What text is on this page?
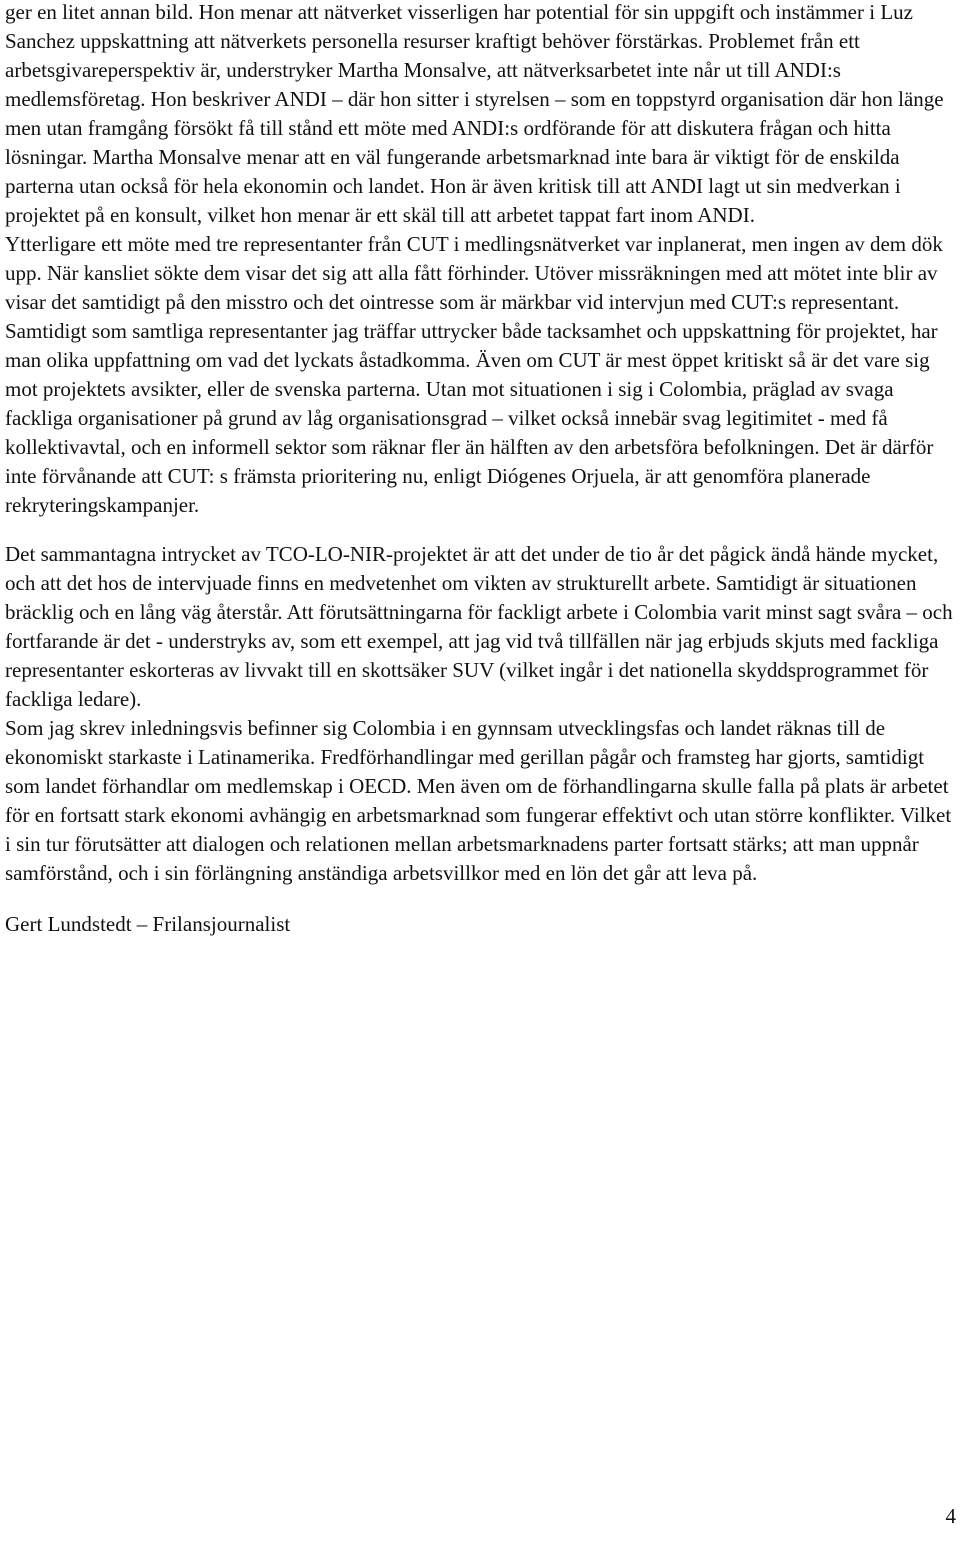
ger en litet annan bild. Hon menar att nätverket visserligen har potential för sin uppgift och instämmer i Luz Sanchez uppskattning att nätverkets personella resurser kraftigt behöver förstärkas. Problemet från ett arbetsgivareperspektiv är, understryker Martha Monsalve, att nätverksarbetet inte når ut till ANDI:s medlemsföretag. Hon beskriver ANDI – där hon sitter i styrelsen – som en toppstyrd organisation där hon länge men utan framgång försökt få till stånd ett möte med ANDI:s ordförande för att diskutera frågan och hitta lösningar. Martha Monsalve menar att en väl fungerande arbetsmarknad inte bara är viktigt för de enskilda parterna utan också för hela ekonomin och landet. Hon är även kritisk till att ANDI lagt ut sin medverkan i projektet på en konsult, vilket hon menar är ett skäl till att arbetet tappat fart inom ANDI.

Ytterligare ett möte med tre representanter från CUT i medlingsnätverket var inplanerat, men ingen av dem dök upp. När kansliet sökte dem visar det sig att alla fått förhinder. Utöver missräkningen med att mötet inte blir av visar det samtidigt på den misstro och det ointresse som är märkbar vid intervjun med CUT:s representant. Samtidigt som samtliga representanter jag träffar uttrycker både tacksamhet och uppskattning för projektet, har man olika uppfattning om vad det lyckats åstadkomma. Även om CUT är mest öppet kritiskt så är det vare sig mot projektets avsikter, eller de svenska parterna. Utan mot situationen i sig i Colombia, präglad av svaga fackliga organisationer på grund av låg organisationsgrad – vilket också innebär svag legitimitet - med få kollektivavtal, och en informell sektor som räknar fler än hälften av den arbetsföra befolkningen. Det är därför inte förvånande att CUT: s främsta prioritering nu, enligt Diógenes Orjuela, är att genomföra planerade rekryteringskampanjer.

Det sammantagna intrycket av TCO-LO-NIR-projektet är att det under de tio år det pågick ändå hände mycket, och att det hos de intervjuade finns en medvetenhet om vikten av strukturellt arbete. Samtidigt är situationen bräcklig och en lång väg återstår. Att förutsättningarna för fackligt arbete i Colombia varit minst sagt svåra – och fortfarande är det - understryks av, som ett exempel, att jag vid två tillfällen när jag erbjuds skjuts med fackliga representanter eskorteras av livvakt till en skottsäker SUV (vilket ingår i det nationella skyddsprogrammet för fackliga ledare).

Som jag skrev inledningsvis befinner sig Colombia i en gynnsam utvecklingsfas och landet räknas till de ekonomiskt starkaste i Latinamerika. Fredförhandlingar med gerillan pågår och framsteg har gjorts, samtidigt som landet förhandlar om medlemskap i OECD. Men även om de förhandlingarna skulle falla på plats är arbetet för en fortsatt stark ekonomi avhängig en arbetsmarknad som fungerar effektivt och utan större konflikter. Vilket i sin tur förutsätter att dialogen och relationen mellan arbetsmarknadens parter fortsatt stärks; att man uppnår samförstånd, och i sin förlängning anständiga arbetsvillkor med en lön det går att leva på.

Gert Lundstedt – Frilansjournalist

4
